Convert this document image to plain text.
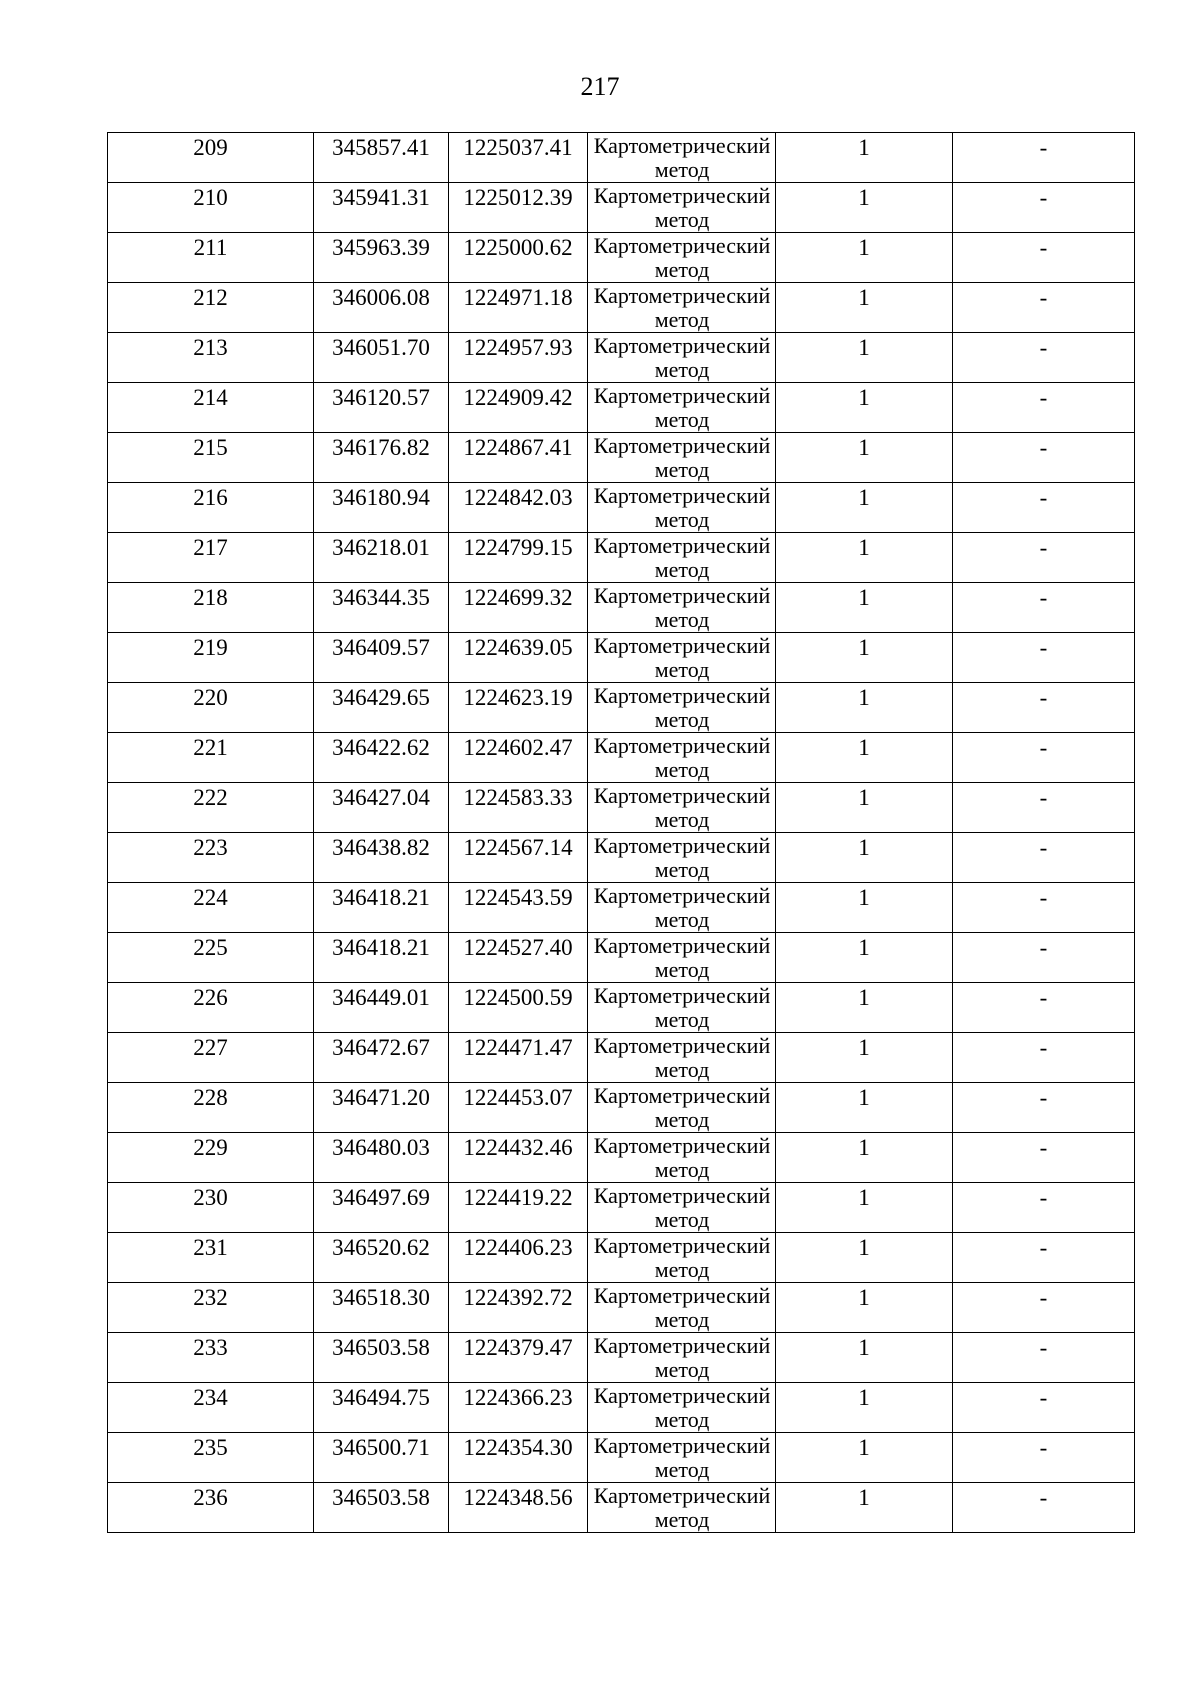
217
209	345857.41	1225037.41	Картометрический метод	1	-

210	345941.31	1225012.39	Картометрический метод	1	-

211	345963.39	1225000.62	Картометрический метод	1	-

212	346006.08	1224971.18	Картометрический метод	1	-

213	346051.70	1224957.93	Картометрический метод	1	-

214	346120.57	1224909.42	Картометрический метод	1	-

215	346176.82	1224867.41	Картометрический метод	1	-

216	346180.94	1224842.03	Картометрический метод	1	-

217	346218.01	1224799.15	Картометрический метод	1	-

218	346344.35	1224699.32	Картометрический метод	1	-

219	346409.57	1224639.05	Картометрический метод	1	-

220	346429.65	1224623.19	Картометрический метод	1	-

221	346422.62	1224602.47	Картометрический метод	1	-

222	346427.04	1224583.33	Картометрический метод	1	-

223	346438.82	1224567.14	Картометрический метод	1	-

224	346418.21	1224543.59	Картометрический метод	1	-

225	346418.21	1224527.40	Картометрический метод	1	-

226	346449.01	1224500.59	Картометрический метод	1	-

227	346472.67	1224471.47	Картометрический метод	1	-

228	346471.20	1224453.07	Картометрический метод	1	-

229	346480.03	1224432.46	Картометрический метод	1	-

230	346497.69	1224419.22	Картометрический метод	1	-

231	346520.62	1224406.23	Картометрический метод	1	-

232	346518.30	1224392.72	Картометрический метод	1	-

233	346503.58	1224379.47	Картометрический метод	1	-

234	346494.75	1224366.23	Картометрический метод	1	-

235	346500.71	1224354.30	Картометрический метод	1	-

236	346503.58	1224348.56	Картометрический метод	1	-
